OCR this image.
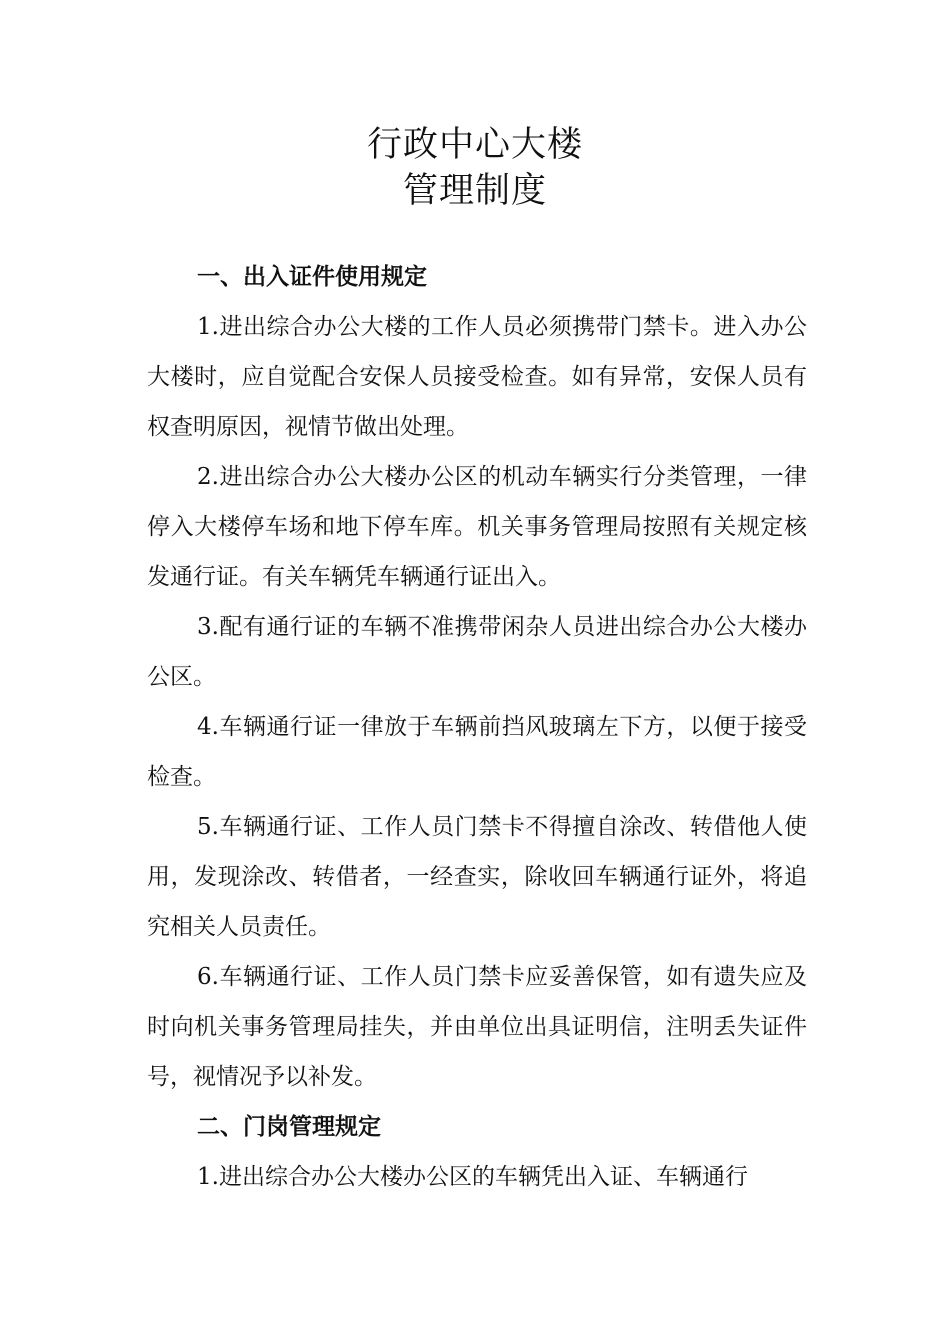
行政中心大楼
管理制度
一、出入证件使用规定

1.进出综合办公大楼的工作人员必须携带门禁卡。进入办公大楼时，应自觉配合安保人员接受检查。如有异常，安保人员有权查明原因，视情节做出处理。

2.进出综合办公大楼办公区的机动车辆实行分类管理，一律停入大楼停车场和地下停车库。机关事务管理局按照有关规定核发通行证。有关车辆凭车辆通行证出入。

3.配有通行证的车辆不准携带闲杂人员进出综合办公大楼办公区。

4.车辆通行证一律放于车辆前挡风玻璃左下方，以便于接受检查。

5.车辆通行证、工作人员门禁卡不得擅自涂改、转借他人使用，发现涂改、转借者，一经查实，除收回车辆通行证外，将追究相关人员责任。

6.车辆通行证、工作人员门禁卡应妥善保管，如有遗失应及时向机关事务管理局挂失，并由单位出具证明信，注明丢失证件号，视情况予以补发。

二、门岗管理规定

1.进出综合办公大楼办公区的车辆凭出入证、车辆通行
